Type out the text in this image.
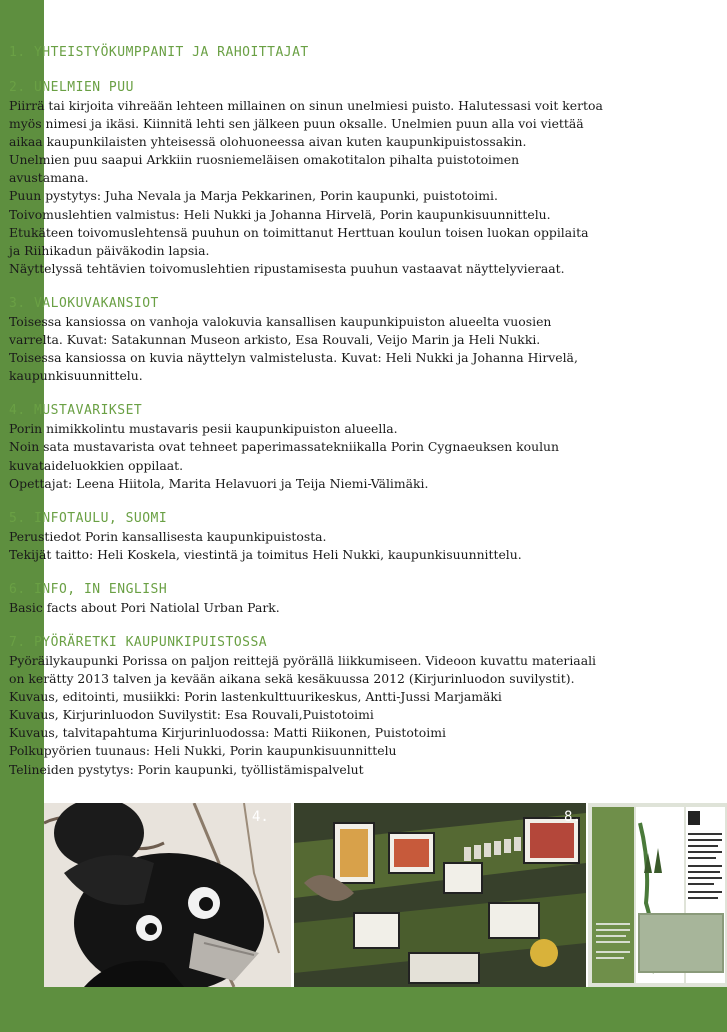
1. YHTEISTYÖKUMPPANIT JA RAHOITTAJAT
2. UNELMIEN PUU
Piirrä tai kirjoita vihreään lehteen millainen on sinun unelmiesi puisto. Halutessasi voit kertoa
myös nimesi ja ikäsi. Kiinnitä lehti sen jälkeen puun oksalle. Unelmien puun alla voi viettää
aikaa kaupunkilaisten yhteisessä olohuoneessa aivan kuten kaupunkipuistossakin.
Unelmien puu saapui Arkkiin ruosniemeläisen omakotitalon pihalta puistotoimen
avustamana.
Puun pystytys: Juha Nevala ja Marja Pekkarinen, Porin kaupunki, puistotoimi.
Toivomuslehtien valmistus: Heli Nukki ja Johanna Hirvelä, Porin kaupunkisuunnittelu.
Etukäteen toivomuslehtensä puuhun on toimittanut Herttuan koulun toisen luokan oppilaita
ja Riihikadun päiväkodin lapsia.
Näyttelyssä tehtävien toivomuslehtien ripustamisesta puuhun vastaavat näyttelyvieraat.
3. VALOKUVAKANSIOT
Toisessa kansiossa on vanhoja valokuvia kansallisen kaupunkipuiston alueelta vuosien
varrelta. Kuvat: Satakunnan Museon arkisto, Esa Rouvali, Veijo Marin ja Heli Nukki.
Toisessa kansiossa on kuvia näyttelyn valmistelusta. Kuvat: Heli Nukki ja Johanna Hirvelä,
kaupunkisuunnittelu.
4. MUSTAVARIKSET
Porin nimikkolintu mustavaris pesii kaupunkipuiston alueella.
Noin sata mustavarista ovat tehneet paperimassatekniikalla Porin Cygnaeuksen koulun
kuvataideluokkien oppilaat.
Opettajat: Leena Hiitola, Marita Helavuori ja Teija Niemi-Välimäki.
5. INFOTAULU, SUOMI
Perustiedot Porin kansallisesta kaupunkipuistosta.
Tekijät taitto: Heli Koskela, viestintä ja toimitus Heli Nukki, kaupunkisuunnittelu.
6. INFO, IN ENGLISH
Basic facts about Pori Natiolal Urban Park.
7. PYÖRÄRETKI KAUPUNKIPUISTOSSA
Pyöräilykaupunki Porissa on paljon reittejä pyörällä liikkumiseen. Videoon kuvattu materiaali
on kerätty 2013 talven ja kevään aikana sekä kesäkuussa 2012 (Kirjurinluodon suvilystit).
Kuvaus, editointi, musiikki: Porin lastenkulttuurikeskus, Antti-Jussi Marjamäki
Kuvaus, Kirjurinluodon Suvilystit: Esa Rouvali,Puistotoimi
Kuvaus, talvitapahtuma Kirjurinluodossa: Matti Riikonen, Puistotoimi
Polkupyörien tuunaus: Heli Nukki, Porin kaupunkisuunnittelu
Telineiden pystytys: Porin kaupunki, työllistämispalvelut
4.	8.
